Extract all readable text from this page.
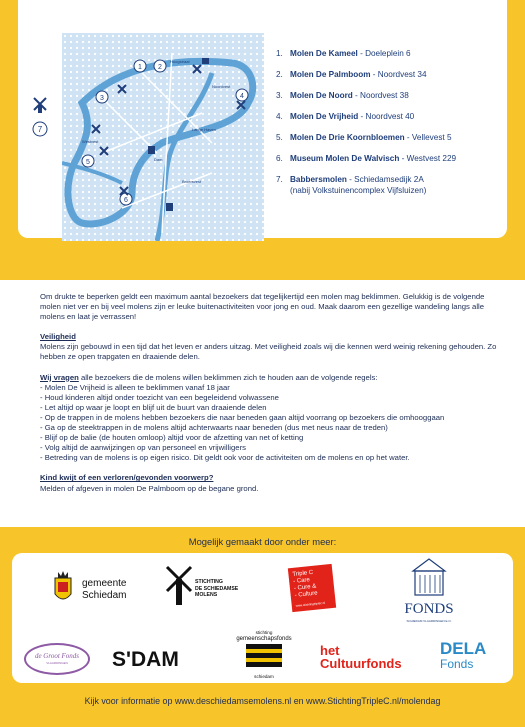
1 2
3	4
5
6
Hoogstraat
Lange Haven
Noordvest
Westvest
Broersvest
Dam
7
1. Molen De Kameel - Doeleplein 6
2. Molen De Palmboom - Noordvest 34
3. Molen De Noord - Noordvest 38
4. Molen De Vrijheid - Noordvest 40
5. Molen De Drie Koornbloemen - Vellevest 5
6. Museum Molen De Walvisch - Westvest 229
7. Babbersmolen - Schiedamsedijk 2A
(nabij Volkstuinencomplex Vijfsluizen)

Om drukte te beperken geldt een maximum aantal bezoekers dat tegelijkertijd een molen mag beklimmen. Gelukkig is de volgende molen niet ver en bij veel molens zijn er leuke buitenactiviteiten voor jong en oud. Maak daarom een gezellige wandeling langs alle molens en laat je verrassen!

Veiligheid
Molens zijn gebouwd in een tijd dat het leven er anders uitzag. Met veiligheid zoals wij die kennen werd weinig rekening gehouden. Zo hebben ze open trapgaten en draaiende delen.

Wij vragen alle bezoekers die de molens willen beklimmen zich te houden aan de volgende regels:
- Molen De Vrijheid is alleen te beklimmen vanaf 18 jaar
- Houd kinderen altijd onder toezicht van een begeleidend volwassene
- Let altijd op waar je loopt en blijf uit de buurt van draaiende delen
- Op de trappen in de molens hebben bezoekers die naar beneden gaan altijd voorrang op bezoekers die omhooggaan
- Ga op de steektrappen in de molens altijd achterwaarts naar beneden (dus met neus naar de treden)
- Blijf op de balie (de houten omloop) altijd voor de afzetting van net of ketting
- Volg altijd de aanwijzingen op van personeel en vrijwilligers
- Betreding van de molens is op eigen risico. Dit geldt ook voor de activiteiten om de molens en op het water.

Kind kwijt of een verloren/gevonden voorwerp?
Melden of afgeven in molen De Palmboom op de begane grond.

Mogelijk gemaakt door onder meer:
gemeente
Schiedam
STICHTING
DE SCHIEDAMSE
MOLENS
Triple C
- Care
- Cure &
- Culture
www.stichtingtriplec.nl	FONDS
SCHIEDAM VLAARDINGEN E.O.
de Groot Fonds
VLAARDINGEN	S'DAM
stichting
gemeenschapsfonds
schiedam
het
Cultuurfonds
DELA
Fonds
Kijk voor informatie op www.deschiedamsemolens.nl en www.StichtingTripleC.nl/molendag
